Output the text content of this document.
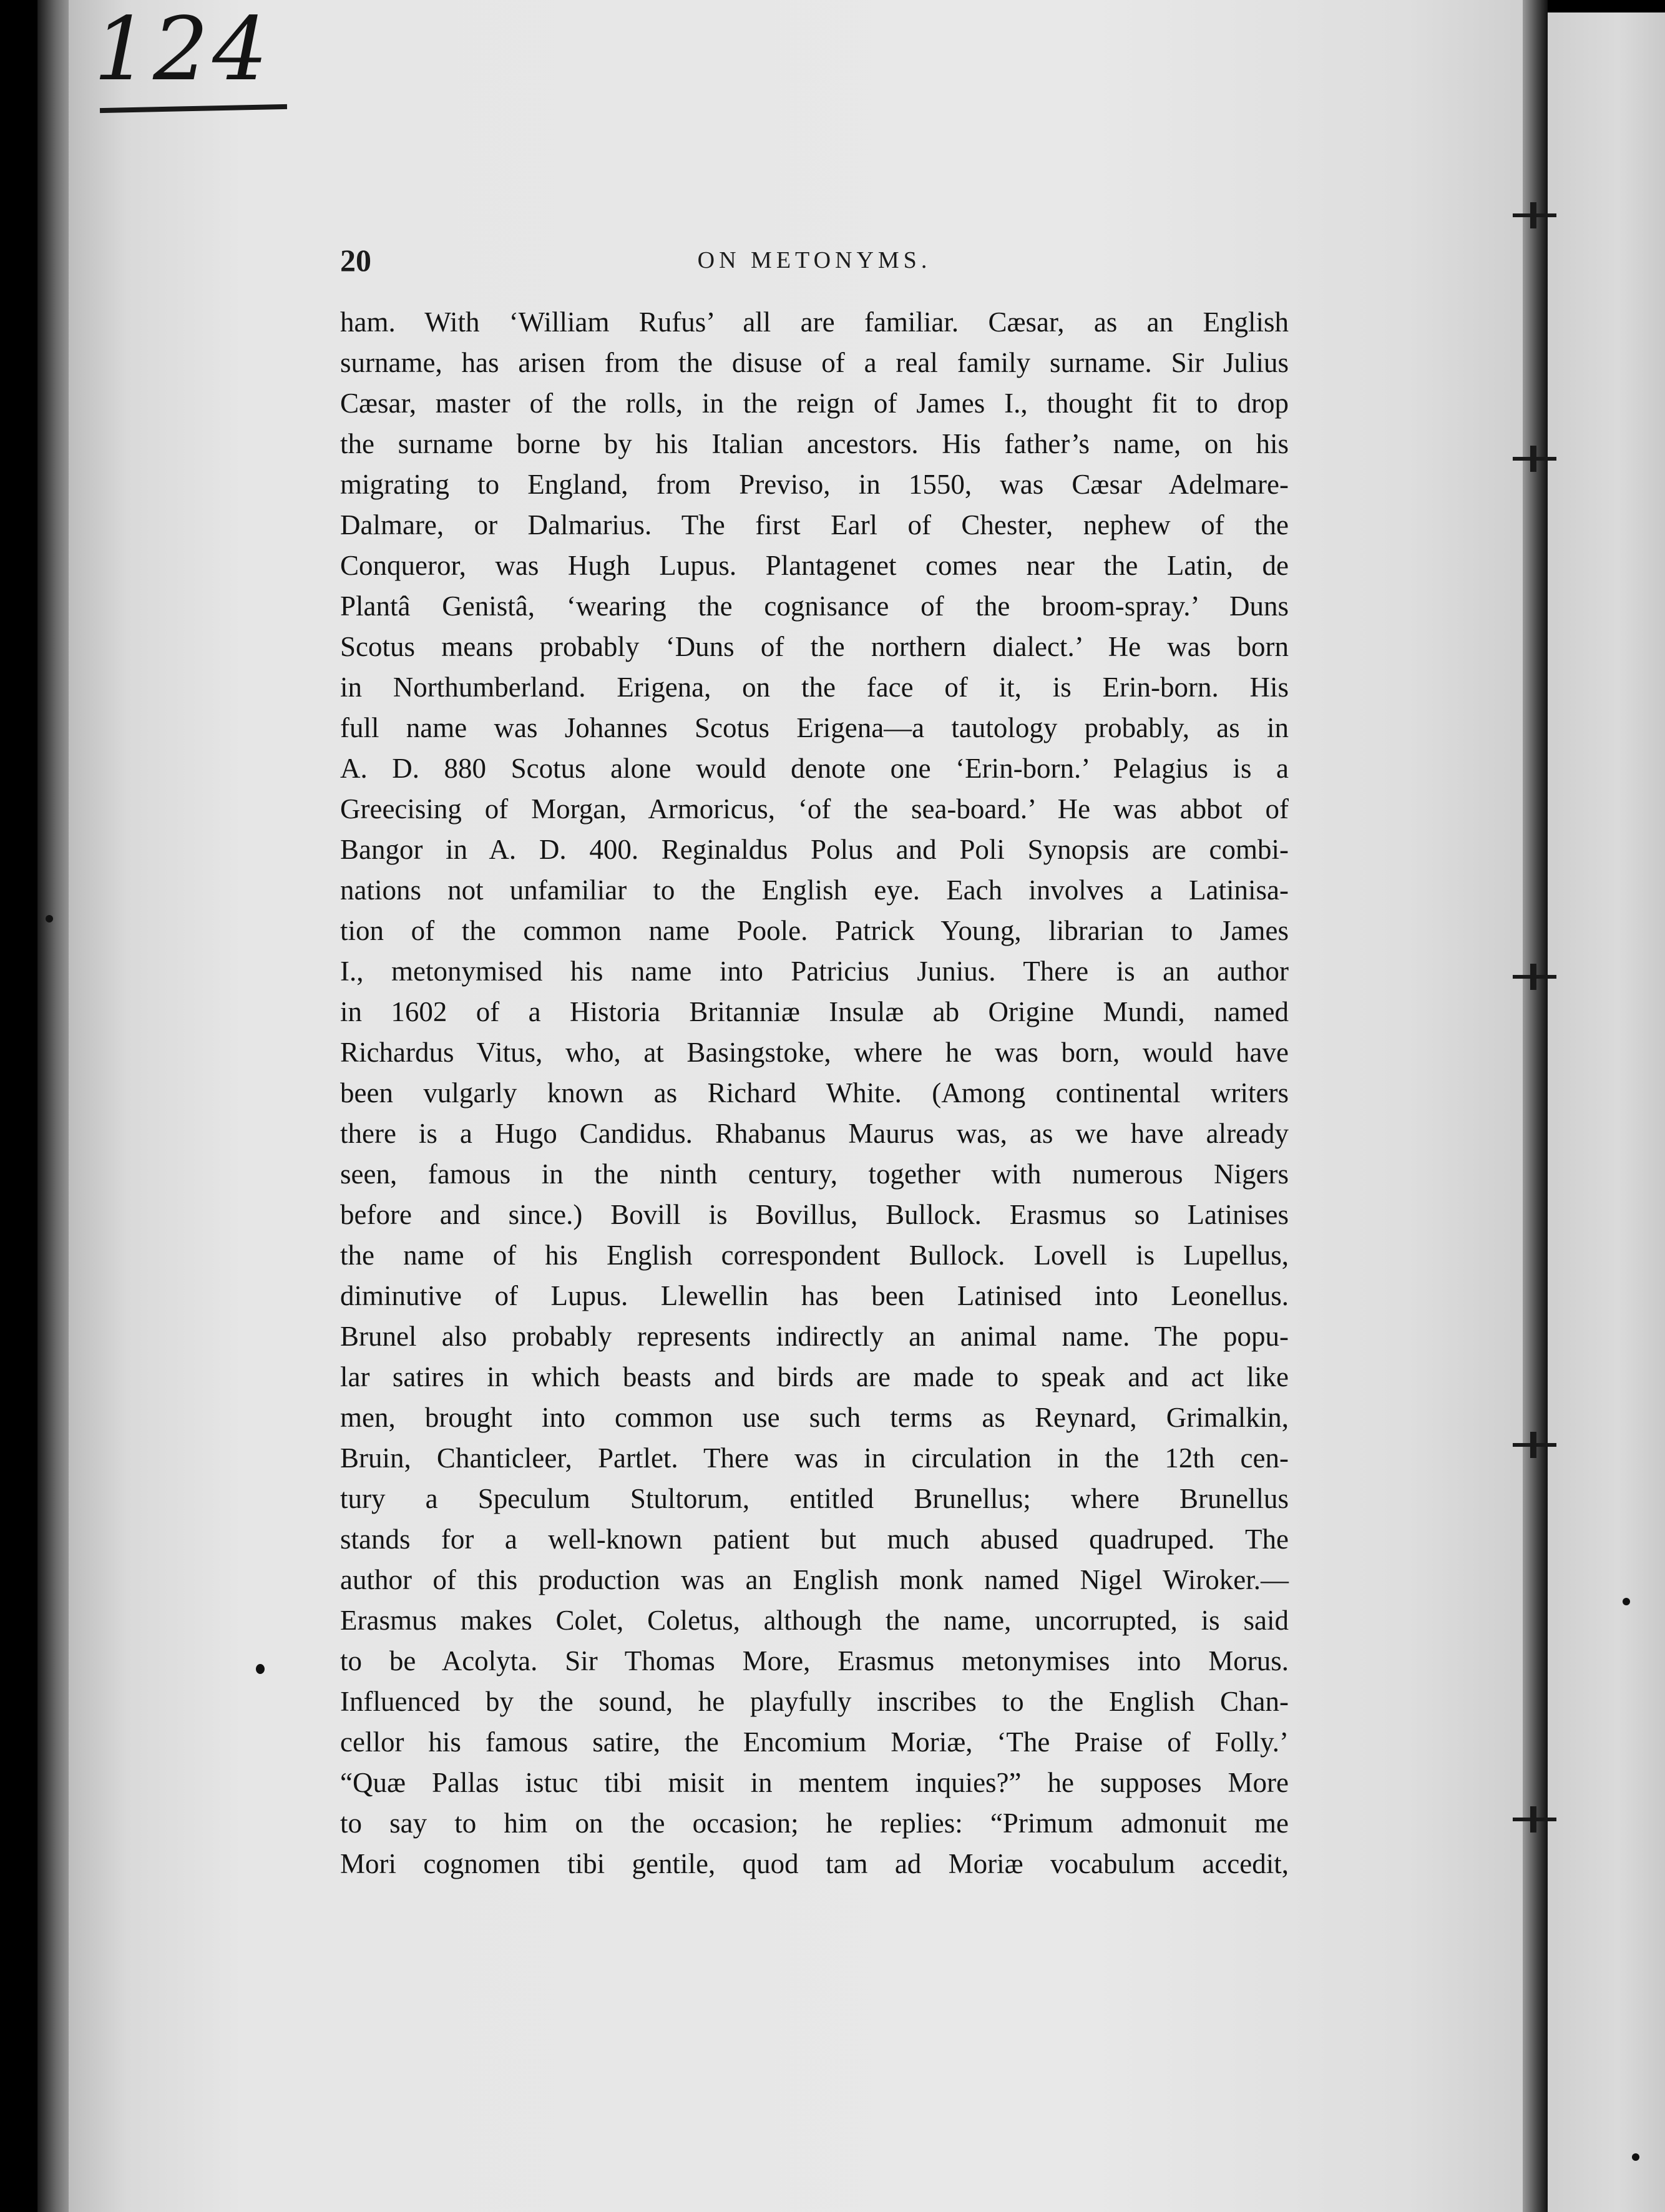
124
20	ON METONYMS.
ham. With ‘William Rufus’ all are familiar. Cæsar, as an English
surname, has arisen from the disuse of a real family surname. Sir Julius
Cæsar, master of the rolls, in the reign of James I., thought fit to drop
the surname borne by his Italian ancestors. His father’s name, on his
migrating to England, from Previso, in 1550, was Cæsar Adelmare-
Dalmare, or Dalmarius. The first Earl of Chester, nephew of the
Conqueror, was Hugh Lupus. Plantagenet comes near the Latin, de
Plantâ Genistâ, ‘wearing the cognisance of the broom-spray.’ Duns
Scotus means probably ‘Duns of the northern dialect.’ He was born
in Northumberland. Erigena, on the face of it, is Erin-born. His
full name was Johannes Scotus Erigena—a tautology probably, as in
A. D. 880 Scotus alone would denote one ‘Erin-born.’ Pelagius is a
Greecising of Morgan, Armoricus, ‘of the sea-board.’ He was abbot of
Bangor in A. D. 400. Reginaldus Polus and Poli Synopsis are combi-
nations not unfamiliar to the English eye. Each involves a Latinisa-
tion of the common name Poole. Patrick Young, librarian to James
I., metonymised his name into Patricius Junius. There is an author
in 1602 of a Historia Britanniæ Insulæ ab Origine Mundi, named
Richardus Vitus, who, at Basingstoke, where he was born, would have
been vulgarly known as Richard White. (Among continental writers
there is a Hugo Candidus. Rhabanus Maurus was, as we have already
seen, famous in the ninth century, together with numerous Nigers
before and since.) Bovill is Bovillus, Bullock. Erasmus so Latinises
the name of his English correspondent Bullock. Lovell is Lupellus,
diminutive of Lupus. Llewellin has been Latinised into Leonellus.
Brunel also probably represents indirectly an animal name. The popu-
lar satires in which beasts and birds are made to speak and act like
men, brought into common use such terms as Reynard, Grimalkin,
Bruin, Chanticleer, Partlet. There was in circulation in the 12th cen-
tury a Speculum Stultorum, entitled Brunellus; where Brunellus
stands for a well-known patient but much abused quadruped. The
author of this production was an English monk named Nigel Wiroker.—
Erasmus makes Colet, Coletus, although the name, uncorrupted, is said
to be Acolyta. Sir Thomas More, Erasmus metonymises into Morus.
Influenced by the sound, he playfully inscribes to the English Chan-
cellor his famous satire, the Encomium Moriæ, ‘The Praise of Folly.’
“Quæ Pallas istuc tibi misit in mentem inquies?” he supposes More
to say to him on the occasion; he replies: “Primum admonuit me
Mori cognomen tibi gentile, quod tam ad Moriæ vocabulum accedit,
